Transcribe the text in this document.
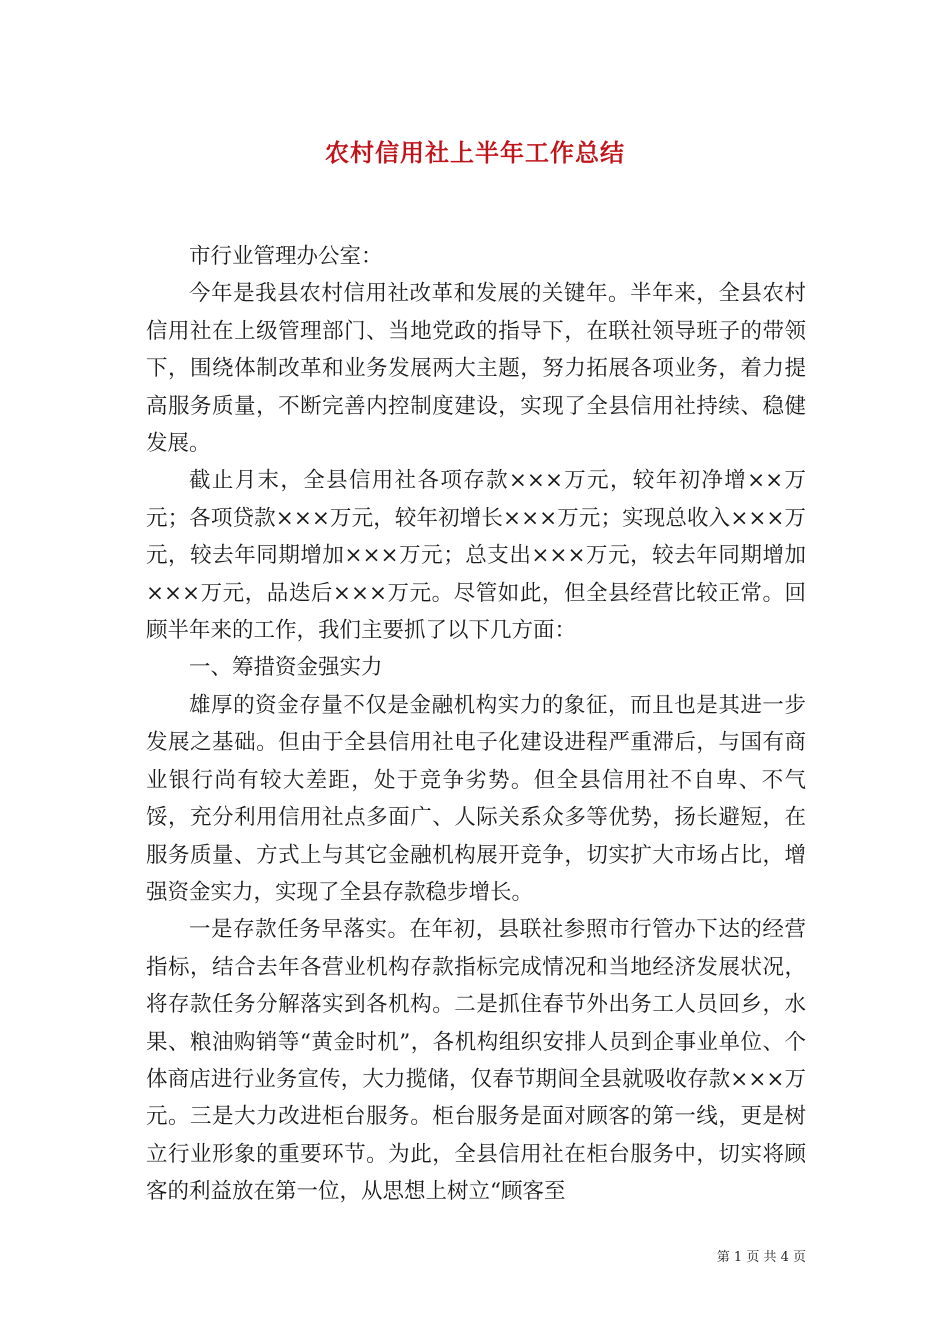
农村信用社上半年工作总结

市行业管理办公室：

今年是我县农村信用社改革和发展的关键年。半年来，全县农村信用社在上级管理部门、当地党政的指导下，在联社领导班子的带领下，围绕体制改革和业务发展两大主题，努力拓展各项业务，着力提高服务质量，不断完善内控制度建设，实现了全县信用社持续、稳健发展。

截止月末，全县信用社各项存款×××万元，较年初净增××万元；各项贷款×××万元，较年初增长×××万元；实现总收入×××万元，较去年同期增加×××万元；总支出×××万元，较去年同期增加×××万元，品迭后×××万元。尽管如此，但全县经营比较正常。回顾半年来的工作，我们主要抓了以下几方面：

一、筹措资金强实力

雄厚的资金存量不仅是金融机构实力的象征，而且也是其进一步发展之基础。但由于全县信用社电子化建设进程严重滞后，与国有商业银行尚有较大差距，处于竞争劣势。但全县信用社不自卑、不气馁，充分利用信用社点多面广、人际关系众多等优势，扬长避短，在服务质量、方式上与其它金融机构展开竞争，切实扩大市场占比，增强资金实力，实现了全县存款稳步增长。

一是存款任务早落实。在年初，县联社参照市行管办下达的经营指标，结合去年各营业机构存款指标完成情况和当地经济发展状况，将存款任务分解落实到各机构。二是抓住春节外出务工人员回乡，水果、粮油购销等“黄金时机”，各机构组织安排人员到企事业单位、个体商店进行业务宣传，大力揽储，仅春节期间全县就吸收存款×××万元。三是大力改进柜台服务。柜台服务是面对顾客的第一线，更是树立行业形象的重要环节。为此，全县信用社在柜台服务中，切实将顾客的利益放在第一位，从思想上树立“顾客至

第 1 页 共 4 页
